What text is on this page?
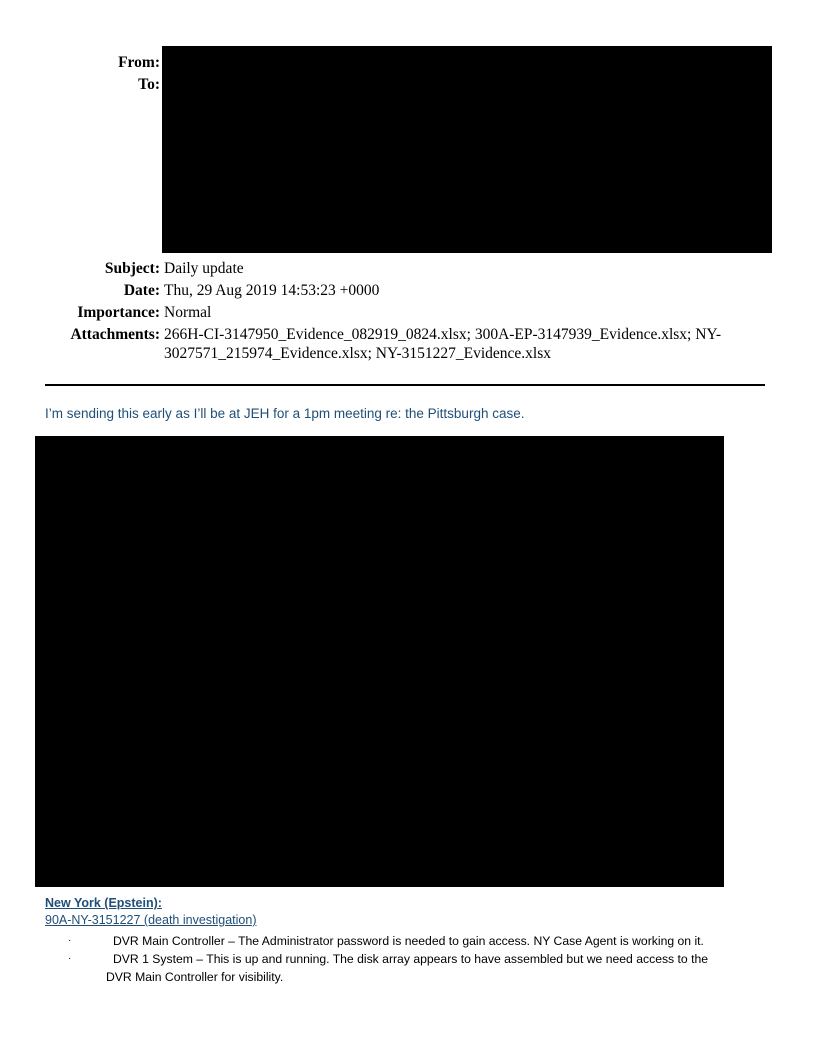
From:
To:
Subject: Daily update
Date: Thu, 29 Aug 2019 14:53:23 +0000
Importance: Normal
Attachments: 266H-CI-3147950_Evidence_082919_0824.xlsx; 300A-EP-3147939_Evidence.xlsx; NY-
3027571_215974_Evidence.xlsx; NY-3151227_Evidence.xlsx
I’m sending this early as I’ll be at JEH for a 1pm meeting re: the Pittsburgh case.
New York (Epstein):
90A-NY-3151227 (death investigation)
·	DVR Main Controller – The Administrator password is needed to gain access. NY Case Agent is working on it.
·	DVR 1 System – This is up and running. The disk array appears to have assembled but we need access to the
DVR Main Controller for visibility.
